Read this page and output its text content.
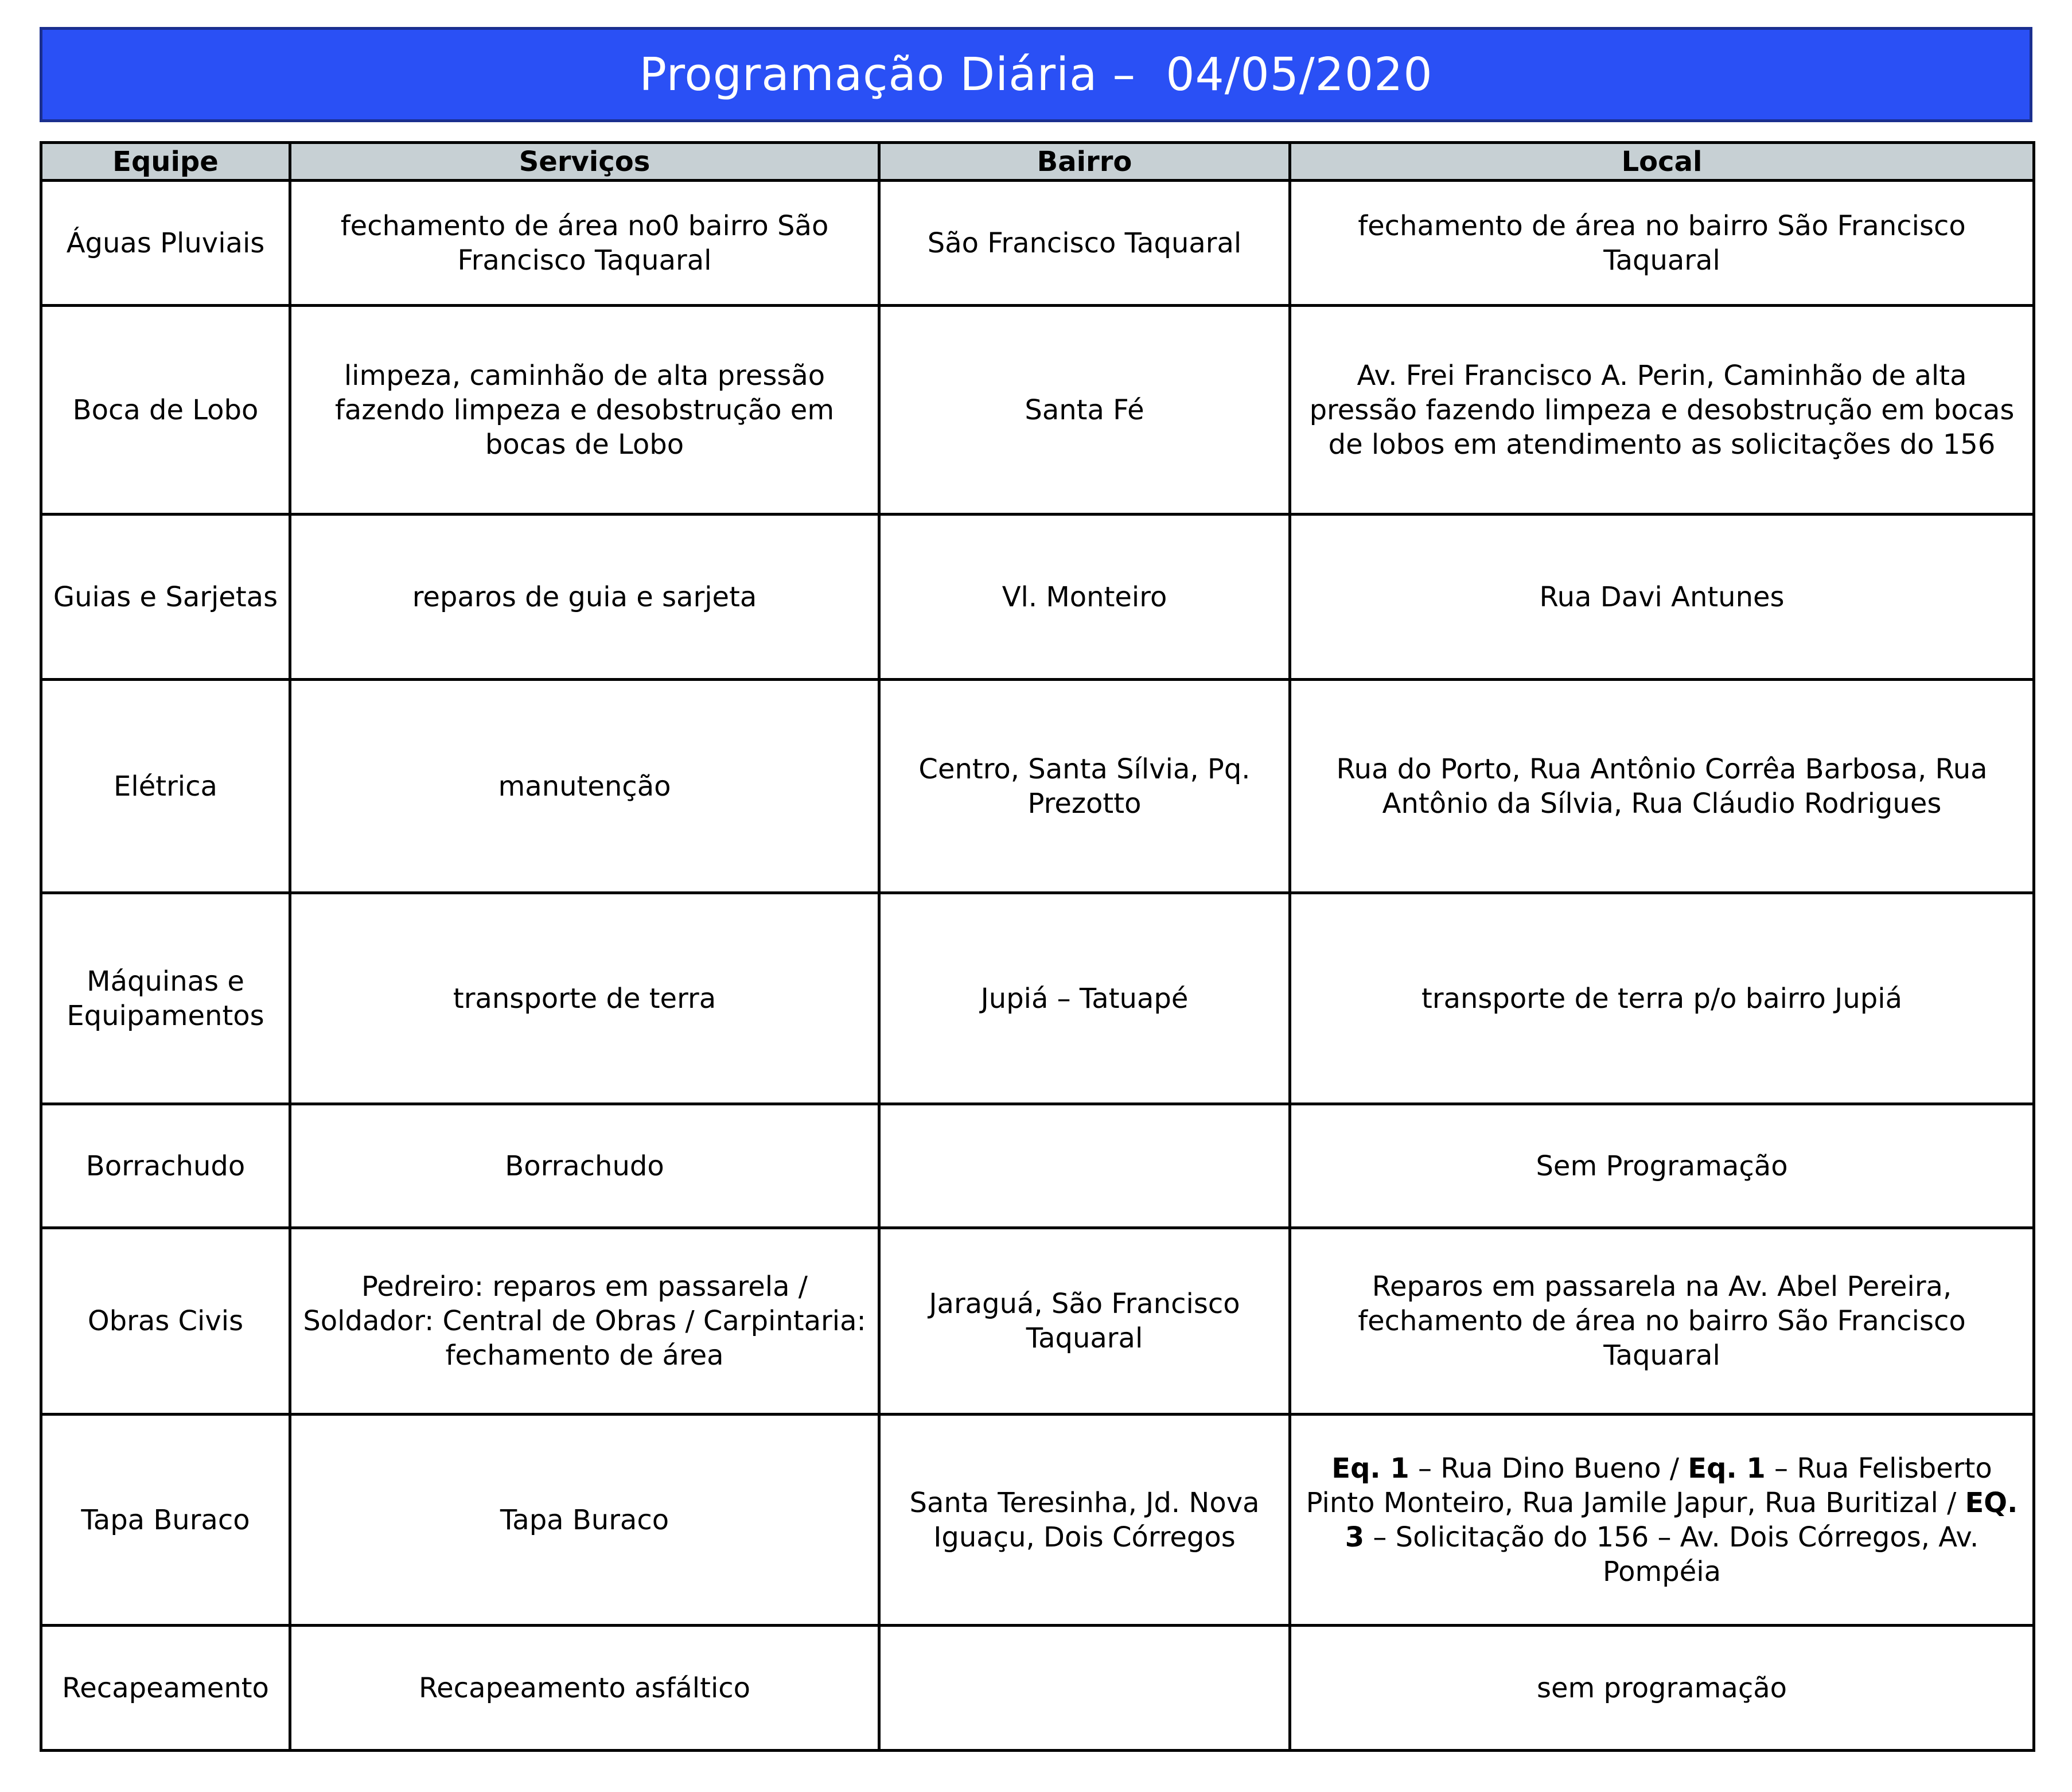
Programação Diária –  04/05/2020
Equipe	Serviços	Bairro	Local
Águas Pluviais	fechamento de área no0 bairro São Francisco Taquaral	São Francisco Taquaral	fechamento de área no bairro São Francisco Taquaral
Boca de Lobo	limpeza, caminhão de alta pressão fazendo limpeza e desobstrução em bocas de Lobo	Santa Fé	Av. Frei Francisco A. Perin, Caminhão de alta pressão fazendo limpeza e desobstrução em bocas de lobos em atendimento as solicitações do 156
Guias e Sarjetas	reparos de guia e sarjeta	Vl. Monteiro	Rua Davi Antunes
Elétrica	manutenção	Centro, Santa Sílvia, Pq. Prezotto	Rua do Porto, Rua Antônio Corrêa Barbosa, Rua Antônio da Sílvia, Rua Cláudio Rodrigues
Máquinas e Equipamentos	transporte de terra	Jupiá – Tatuapé	transporte de terra p/o bairro Jupiá
Borrachudo	Borrachudo		Sem Programação
Obras Civis	Pedreiro: reparos em passarela / Soldador: Central de Obras / Carpintaria: fechamento de área	Jaraguá, São Francisco Taquaral	Reparos em passarela na Av. Abel Pereira, fechamento de área no bairro São Francisco Taquaral
Tapa Buraco	Tapa Buraco	Santa Teresinha, Jd. Nova Iguaçu, Dois Córregos	Eq. 1 – Rua Dino Bueno / Eq. 1 – Rua Felisberto Pinto Monteiro, Rua Jamile Japur, Rua Buritizal / EQ. 3 – Solicitação do 156 – Av. Dois Córregos, Av. Pompéia

Recapeamento	Recapeamento asfáltico		sem programação
